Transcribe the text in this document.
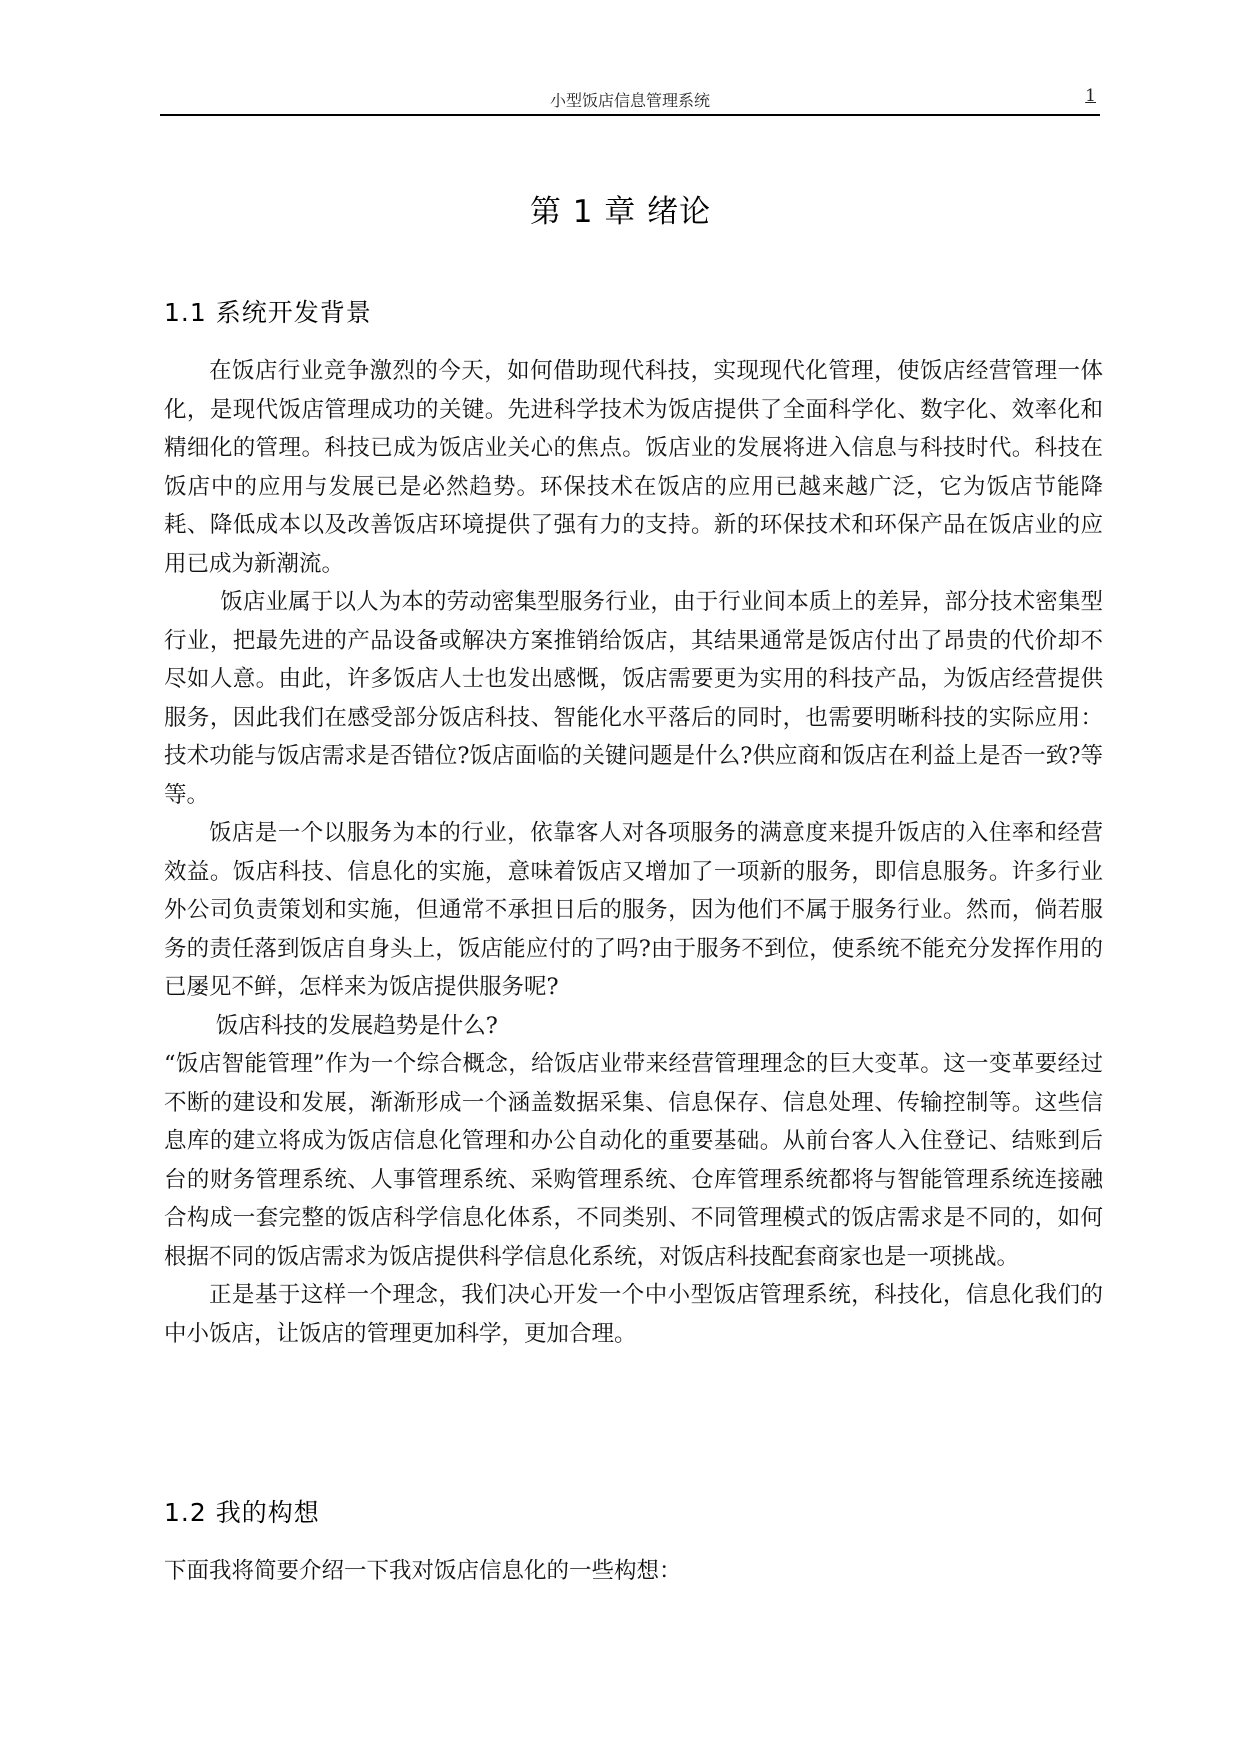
小型饭店信息管理系统	1
第 1 章 绪论
1.1 系统开发背景

在饭店行业竞争激烈的今天，如何借助现代科技，实现现代化管理，使饭店经营管理一体化，是现代饭店管理成功的关键。先进科学技术为饭店提供了全面科学化、数字化、效率化和精细化的管理。科技已成为饭店业关心的焦点。饭店业的发展将进入信息与科技时代。科技在饭店中的应用与发展已是必然趋势。环保技术在饭店的应用已越来越广泛，它为饭店节能降耗、降低成本以及改善饭店环境提供了强有力的支持。新的环保技术和环保产品在饭店业的应用已成为新潮流。

饭店业属于以人为本的劳动密集型服务行业，由于行业间本质上的差异，部分技术密集型行业，把最先进的产品设备或解决方案推销给饭店，其结果通常是饭店付出了昂贵的代价却不尽如人意。由此，许多饭店人士也发出感慨，饭店需要更为实用的科技产品，为饭店经营提供服务，因此我们在感受部分饭店科技、智能化水平落后的同时，也需要明晰科技的实际应用：技术功能与饭店需求是否错位?饭店面临的关键问题是什么?供应商和饭店在利益上是否一致?等等。

饭店是一个以服务为本的行业，依靠客人对各项服务的满意度来提升饭店的入住率和经营效益。饭店科技、信息化的实施，意味着饭店又增加了一项新的服务，即信息服务。许多行业外公司负责策划和实施，但通常不承担日后的服务，因为他们不属于服务行业。然而，倘若服务的责任落到饭店自身头上，饭店能应付的了吗?由于服务不到位，使系统不能充分发挥作用的已屡见不鲜，怎样来为饭店提供服务呢?

饭店科技的发展趋势是什么?

“饭店智能管理”作为一个综合概念，给饭店业带来经营管理理念的巨大变革。这一变革要经过不断的建设和发展，渐渐形成一个涵盖数据采集、信息保存、信息处理、传输控制等。这些信息库的建立将成为饭店信息化管理和办公自动化的重要基础。从前台客人入住登记、结账到后台的财务管理系统、人事管理系统、采购管理系统、仓库管理系统都将与智能管理系统连接融合构成一套完整的饭店科学信息化体系，不同类别、不同管理模式的饭店需求是不同的，如何根据不同的饭店需求为饭店提供科学信息化系统，对饭店科技配套商家也是一项挑战。

正是基于这样一个理念，我们决心开发一个中小型饭店管理系统，科技化，信息化我们的中小饭店，让饭店的管理更加科学，更加合理。

1.2 我的构想
下面我将简要介绍一下我对饭店信息化的一些构想：
